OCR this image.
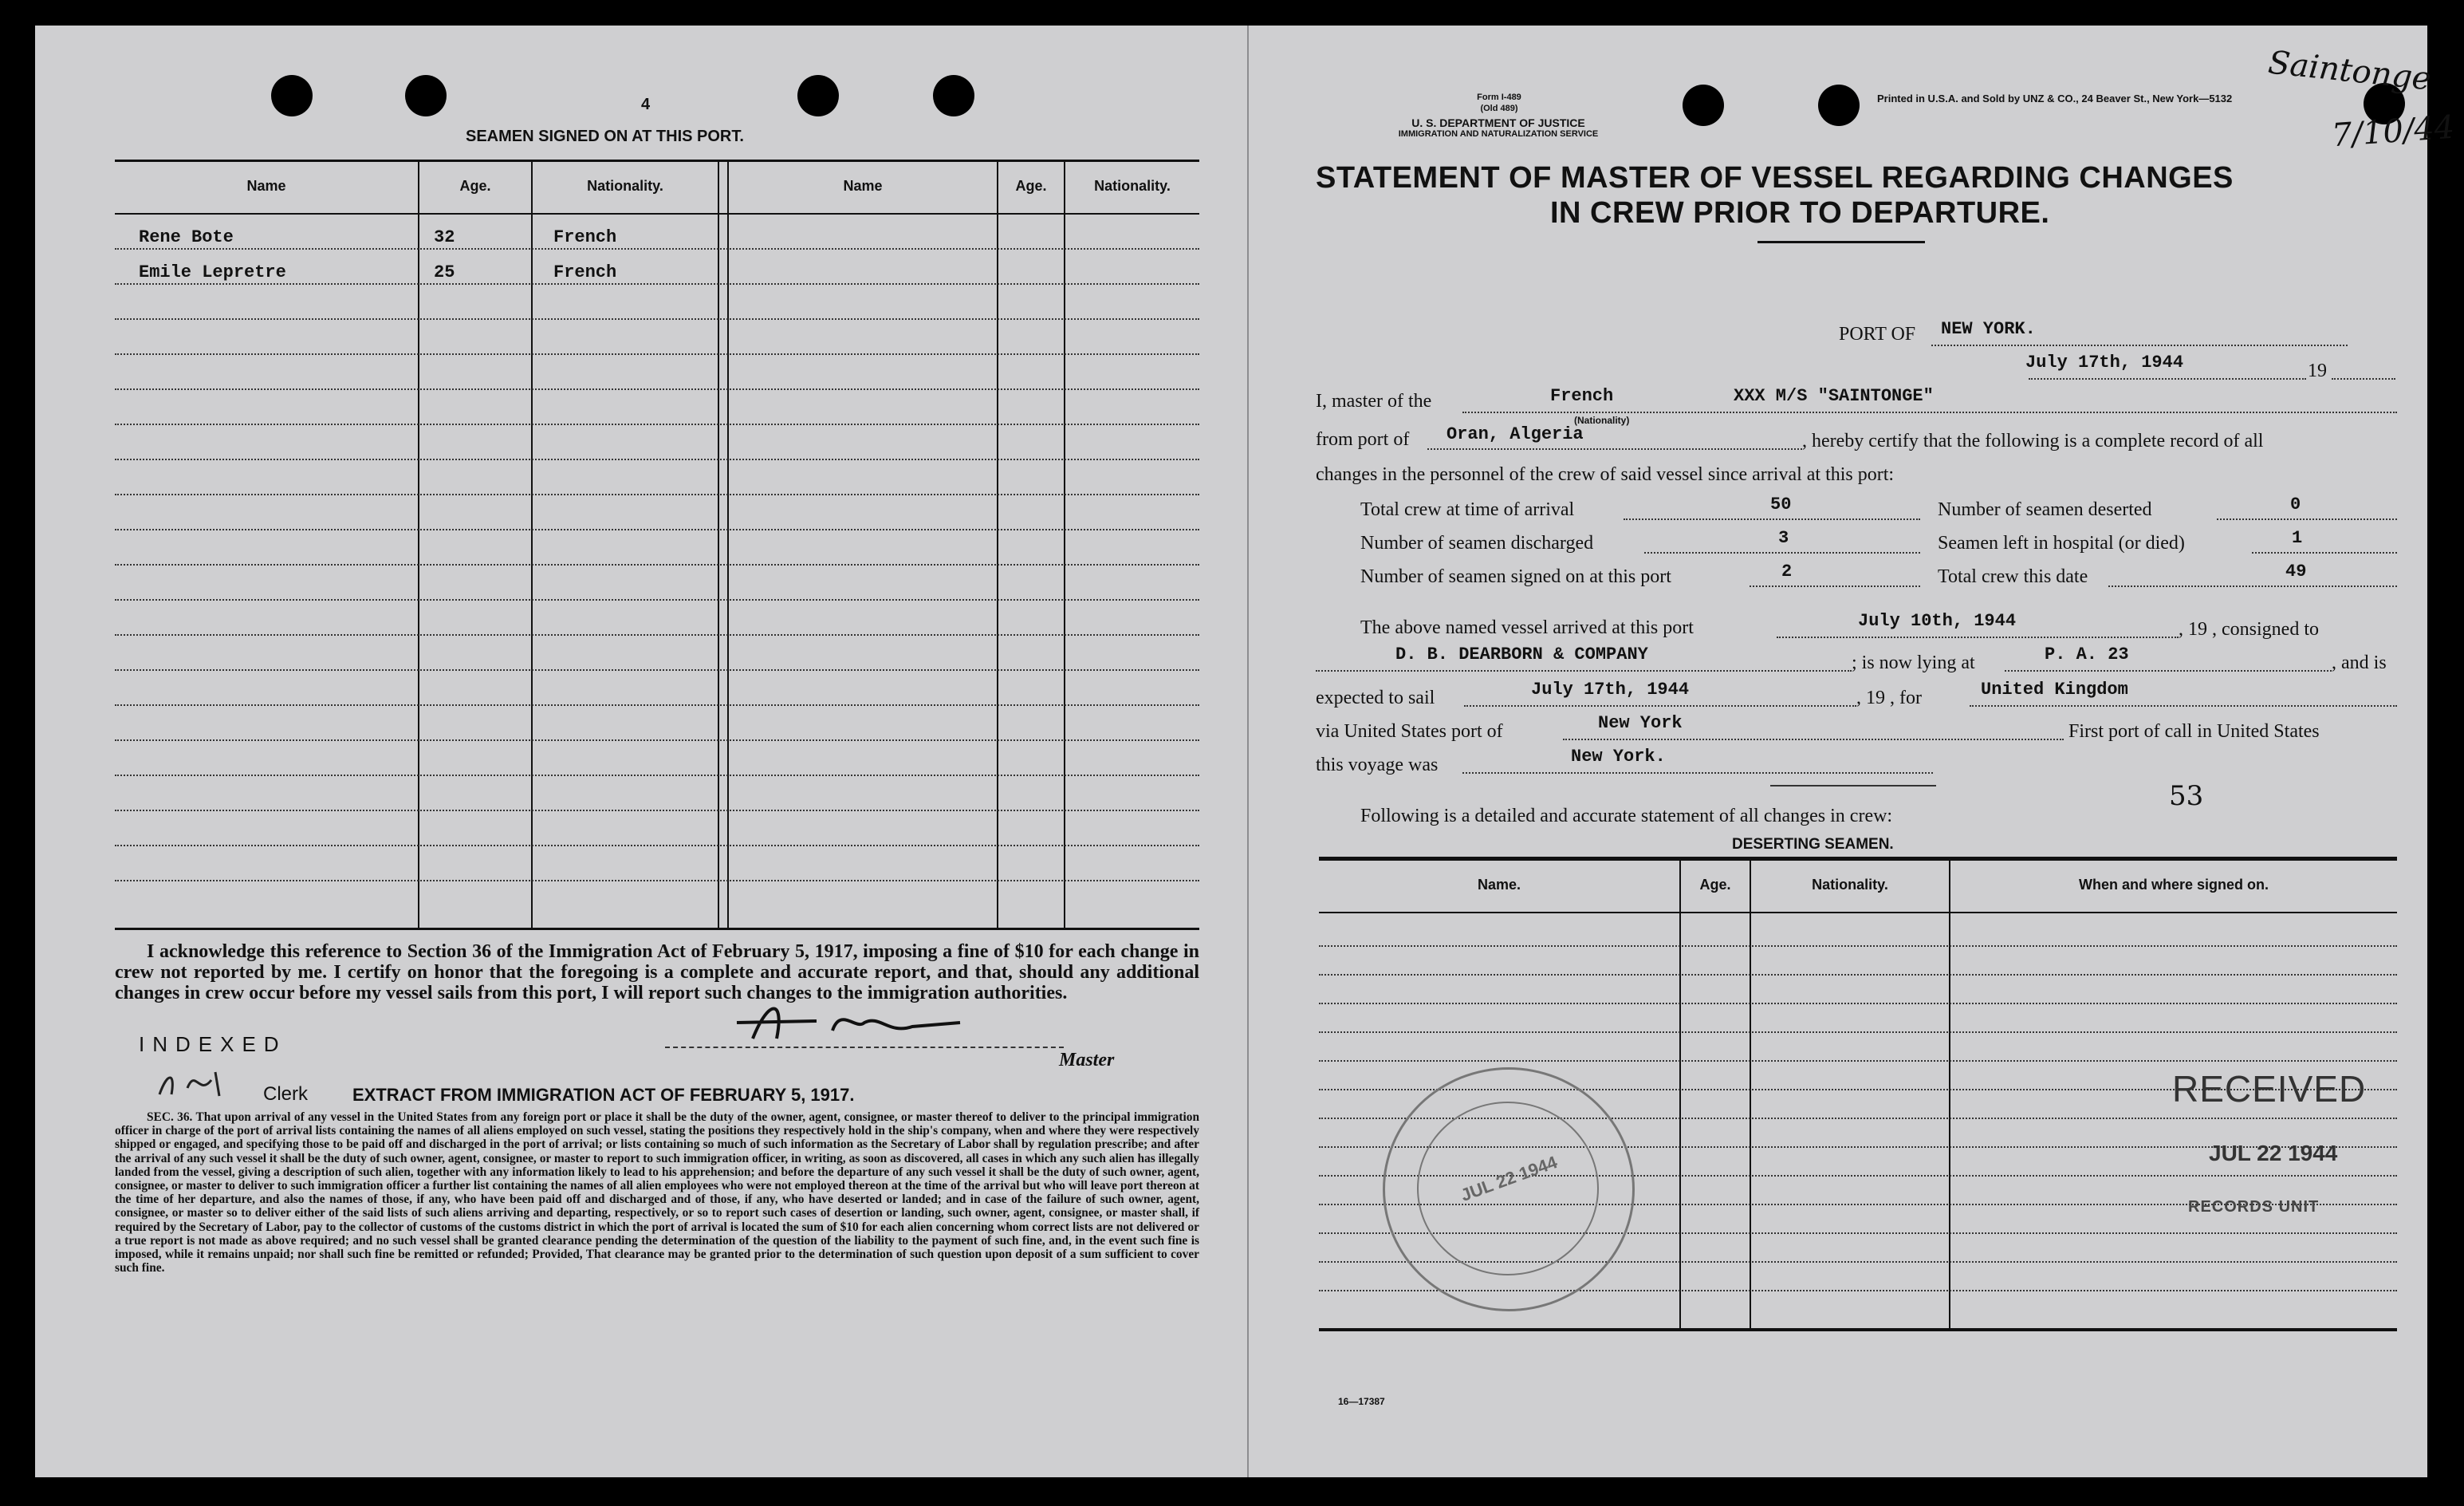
4
SEAMEN SIGNED ON AT THIS PORT.
Name	Age.	Nationality.	Name	Age.	Nationality.
Rene Bote	32	French
Emile Lepretre	25	French
I acknowledge this reference to Section 36 of the Immigration Act of February 5, 1917, imposing a fine of $10 for each change in crew not reported by me. I certify on honor that the foregoing is a complete and accurate report, and that, should any additional changes in crew occur before my vessel sails from this port, I will report such changes to the immigration authorities.
INDEXED
Master
Clerk	EXTRACT FROM IMMIGRATION ACT OF FEBRUARY 5, 1917.
SEC. 36. That upon arrival of any vessel in the United States from any foreign port or place it shall be the duty of the owner, agent, consignee, or master thereof to deliver to the principal immigration officer in charge of the port of arrival lists containing the names of all aliens employed on such vessel, stating the positions they respectively hold in the ship's company, when and where they were respectively shipped or engaged, and specifying those to be paid off and discharged in the port of arrival; or lists containing so much of such information as the Secretary of Labor shall by regulation prescribe; and after the arrival of any such vessel it shall be the duty of such owner, agent, consignee, or master to report to such immigration officer, in writing, as soon as discovered, all cases in which any such alien has illegally landed from the vessel, giving a description of such alien, together with any information likely to lead to his apprehension; and before the departure of any such vessel it shall be the duty of such owner, agent, consignee, or master to deliver to such immigration officer a further list containing the names of all alien employees who were not employed thereon at the time of the arrival but who will leave port thereon at the time of her departure, and also the names of those, if any, who have been paid off and discharged and of those, if any, who have deserted or landed; and in case of the failure of such owner, agent, consignee, or master so to deliver either of the said lists of such aliens arriving and departing, respectively, or so to report such cases of desertion or landing, such owner, agent, consignee, or master shall, if required by the Secretary of Labor, pay to the collector of customs of the customs district in which the port of arrival is located the sum of $10 for each alien concerning whom correct lists are not delivered or a true report is not made as above required; and no such vessel shall be granted clearance pending the determination of the question of the liability to the payment of such fine, and, in the event such fine is imposed, while it remains unpaid; nor shall such fine be remitted or refunded; Provided, That clearance may be granted prior to the determination of such question upon deposit of a sum sufficient to cover such fine.
Form I-489
(Old 489)
U. S. DEPARTMENT OF JUSTICE
IMMIGRATION AND NATURALIZATION SERVICE
Printed in U.S.A. and Sold by UNZ & CO., 24 Beaver St., New York—5132
Saintonge
7/10/44
STATEMENT OF MASTER OF VESSEL REGARDING CHANGES
IN CREW PRIOR TO DEPARTURE.
PORT OF NEW YORK.
July 17th, 1944	19
I, master of the	French
(Nationality)
XXX M/S "SAINTONGE"
from port of Oran, Algeria	, hereby certify that the following is a complete record of all
changes in the personnel of the crew of said vessel since arrival at this port:
Total crew at time of arrival	50
Number of seamen discharged	3
Number of seamen signed on at this port	2
Number of seamen deserted	0
Seamen left in hospital (or died)	1
Total crew this date	49
The above named vessel arrived at this port	July 10th, 1944	, 19 , consigned to
D. B. DEARBORN & COMPANY	; is now lying at	P. A. 23	, and is
expected to sail	July 17th, 1944	, 19 , for	United Kingdom
via United States port of	New York	First port of call in United States
this voyage was	New York.
53
Following is a detailed and accurate statement of all changes in crew:
DESERTING SEAMEN.
Name.	Age.	Nationality.	When and where signed on.
JUL 22 1944
RECEIVED
JUL 22 1944
RECORDS UNIT
16—17387
